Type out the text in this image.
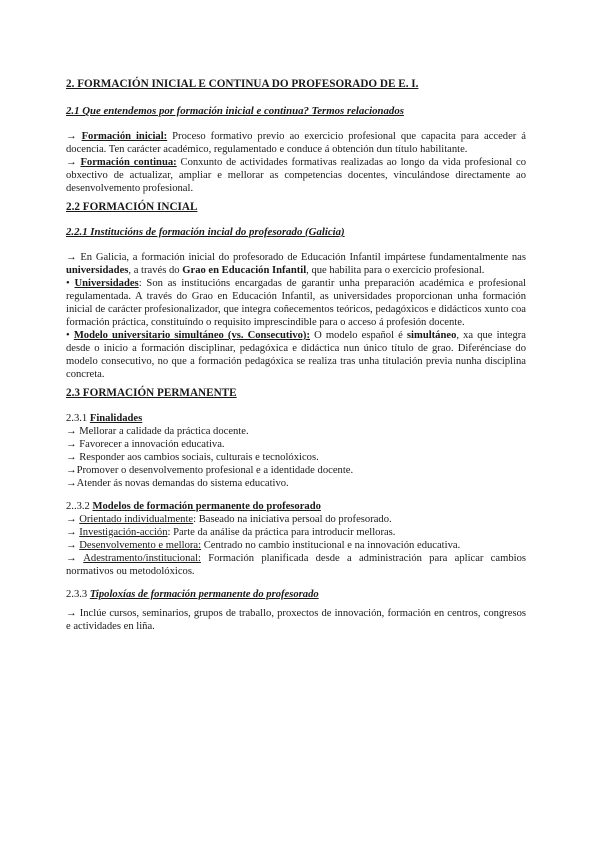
2. FORMACIÓN INICIAL E CONTINUA DO PROFESORADO DE E. I.
2.1 Que entendemos por formación inicial e continua? Termos relacionados

→ Formación inicial: Proceso formativo previo ao exercicio profesional que capacita para acceder á docencia. Ten carácter académico, regulamentado e conduce á obtención dun título habilitante.

→ Formación continua: Conxunto de actividades formativas realizadas ao longo da vida profesional co obxectivo de actualizar, ampliar e mellorar as competencias docentes, vinculándose directamente ao desenvolvemento profesional.

2.2 FORMACIÓN INCIAL
2.2.1 Institucións de formación incial do profesorado (Galicia)

→ En Galicia, a formación inicial do profesorado de Educación Infantil impártese fundamentalmente nas universidades, a través do Grao en Educación Infantil, que habilita para o exercicio profesional.

• Universidades: Son as institucións encargadas de garantir unha preparación académica e profesional regulamentada. A través do Grao en Educación Infantil, as universidades proporcionan unha formación inicial de carácter profesionalizador, que integra coñecementos teóricos, pedagóxicos e didácticos xunto coa formación práctica, constituíndo o requisito imprescindible para o acceso á profesión docente.

• Modelo universitario simultáneo (vs. Consecutivo): O modelo español é simultáneo, xa que integra desde o inicio a formación disciplinar, pedagóxica e didáctica nun único título de grao. Diferénciase do modelo consecutivo, no que a formación pedagóxica se realiza tras unha titulación previa nunha disciplina concreta.

2.3 FORMACIÓN PERMANENTE

2.3.1 Finalidades

→ Mellorar a calidade da práctica docente.

→ Favorecer a innovación educativa.

→ Responder aos cambios sociais, culturais e tecnolóxicos.

→Promover o desenvolvemento profesional e a identidade docente.

→Atender ás novas demandas do sistema educativo.

2..3.2 Modelos de formación permanente do profesorado

→ Orientado individualmente: Baseado na iniciativa persoal do profesorado.

→ Investigación-acción: Parte da análise da práctica para introducir melloras.

→ Desenvolvemento e mellora: Centrado no cambio institucional e na innovación educativa.

→ Adestramento/institucional: Formación planificada desde a administración para aplicar cambios normativos ou metodolóxicos.

2.3.3 Tipoloxías de formación permanente do profesorado

→ Inclúe cursos, seminarios, grupos de traballo, proxectos de innovación, formación en centros, congresos e actividades en liña.
